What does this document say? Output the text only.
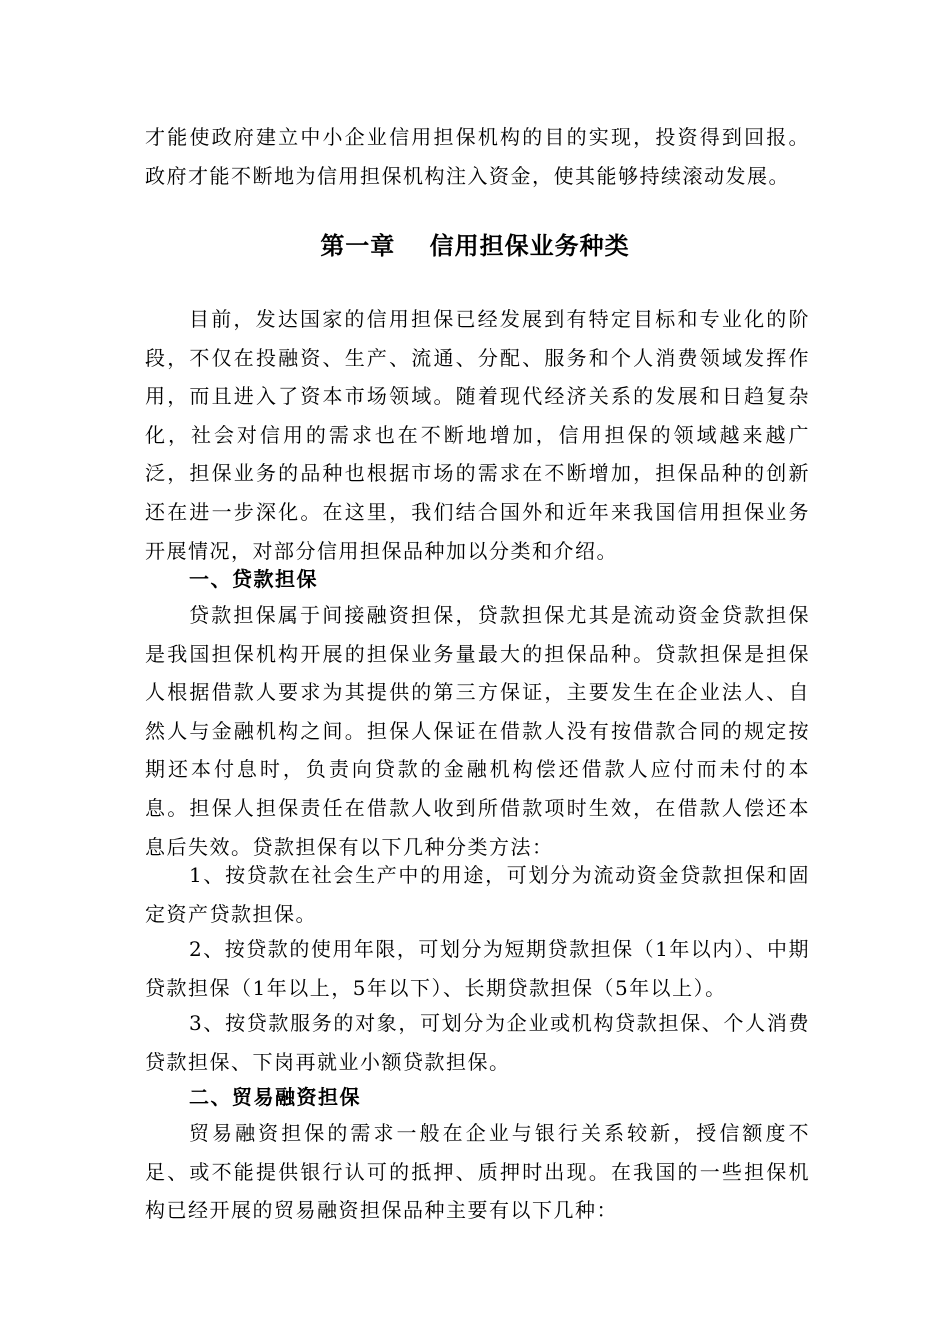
才能使政府建立中小企业信用担保机构的目的实现，投资得到回报。政府才能不断地为信用担保机构注入资金，使其能够持续滚动发展。

第一章　 信用担保业务种类

目前，发达国家的信用担保已经发展到有特定目标和专业化的阶段，不仅在投融资、生产、流通、分配、服务和个人消费领域发挥作用，而且进入了资本市场领域。随着现代经济关系的发展和日趋复杂化，社会对信用的需求也在不断地增加，信用担保的领域越来越广泛，担保业务的品种也根据市场的需求在不断增加，担保品种的创新还在进一步深化。在这里，我们结合国外和近年来我国信用担保业务开展情况，对部分信用担保品种加以分类和介绍。

一、贷款担保

贷款担保属于间接融资担保，贷款担保尤其是流动资金贷款担保是我国担保机构开展的担保业务量最大的担保品种。贷款担保是担保人根据借款人要求为其提供的第三方保证，主要发生在企业法人、自然人与金融机构之间。担保人保证在借款人没有按借款合同的规定按期还本付息时，负责向贷款的金融机构偿还借款人应付而未付的本息。担保人担保责任在借款人收到所借款项时生效，在借款人偿还本息后失效。贷款担保有以下几种分类方法：

1、按贷款在社会生产中的用途，可划分为流动资金贷款担保和固定资产贷款担保。

2、按贷款的使用年限，可划分为短期贷款担保（1年以内）、中期贷款担保（1年以上，5年以下）、长期贷款担保（5年以上）。

3、按贷款服务的对象，可划分为企业或机构贷款担保、个人消费贷款担保、下岗再就业小额贷款担保。

二、贸易融资担保

贸易融资担保的需求一般在企业与银行关系较新，授信额度不足、或不能提供银行认可的抵押、质押时出现。在我国的一些担保机构已经开展的贸易融资担保品种主要有以下几种：
